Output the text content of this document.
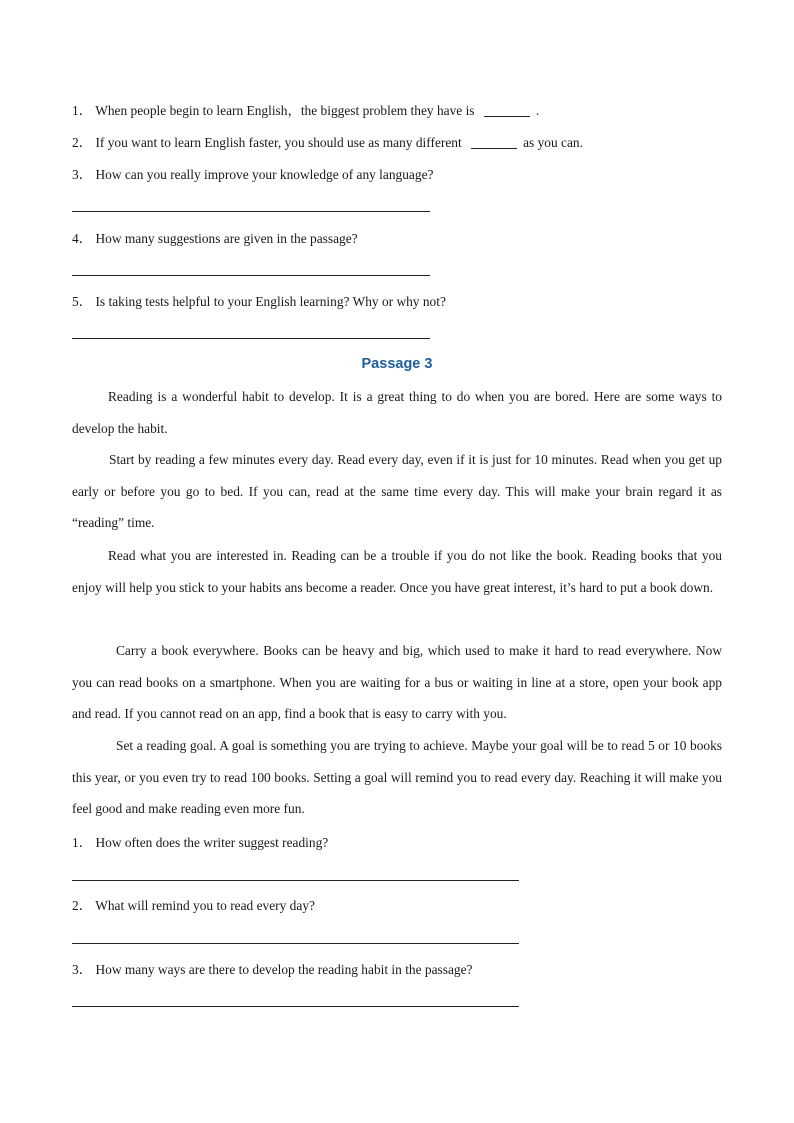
1． When people begin to learn English，the biggest problem they have is	.
2． If you want to learn English faster, you should use as many different	as you can.
3． How can you really improve your knowledge of any language?
4． How many suggestions are given in the passage?
5． Is taking tests helpful to your English learning? Why or why not?
Passage 3
Reading is a wonderful habit to develop. It is a great thing to do when you are bored. Here are some ways to develop the habit.
Start by reading a few minutes every day. Read every day, even if it is just for 10 minutes. Read when you get up early or before you go to bed. If you can, read at the same time every day. This will make your brain regard it as “reading” time.
Read what you are interested in. Reading can be a trouble if you do not like the book. Reading books that you enjoy will help you stick to your habits ans become a reader. Once you have great interest, it’s hard to put a book down.
Carry a book everywhere. Books can be heavy and big, which used to make it hard to read everywhere. Now you can read books on a smartphone. When you are waiting for a bus or waiting in line at a store, open your book app and read. If you cannot read on an app, find a book that is easy to carry with you.
Set a reading goal. A goal is something you are trying to achieve. Maybe your goal will be to read 5 or 10 books this year, or you even try to read 100 books. Setting a goal will remind you to read every day. Reaching it will make you feel good and make reading even more fun.
1． How often does the writer suggest reading?
2． What will remind you to read every day?
3． How many ways are there to develop the reading habit in the passage?
